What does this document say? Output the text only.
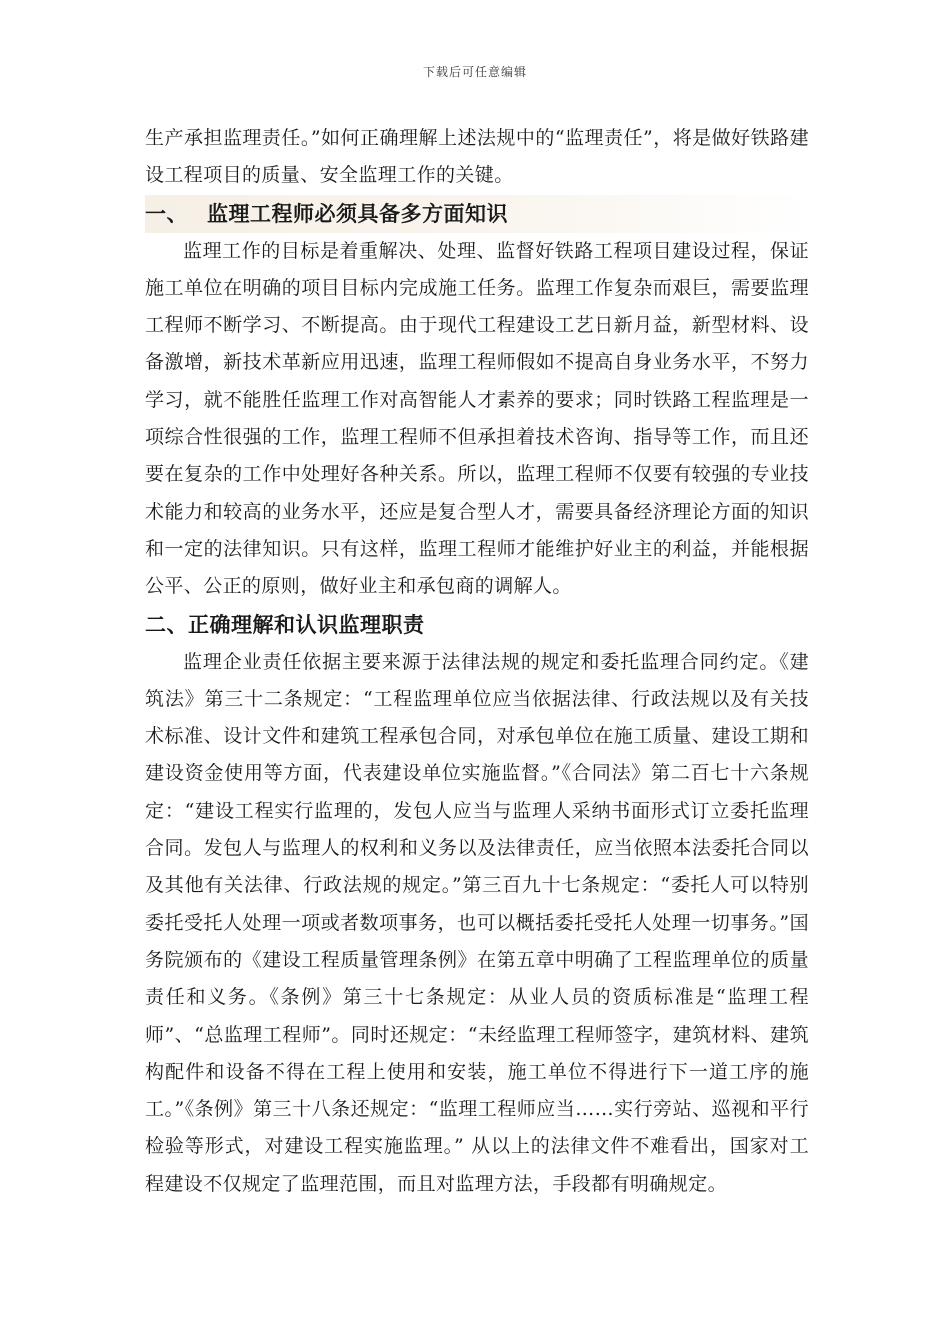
下载后可任意编辑

生产承担监理责任。”如何正确理解上述法规中的“监理责任”，将是做好铁路建设工程项目的质量、安全监理工作的关键。

一、 监理工程师必须具备多方面知识

监理工作的目标是着重解决、处理、监督好铁路工程项目建设过程，保证施工单位在明确的项目目标内完成施工任务。监理工作复杂而艰巨，需要监理工程师不断学习、不断提高。由于现代工程建设工艺日新月益，新型材料、设备激增，新技术革新应用迅速，监理工程师假如不提高自身业务水平，不努力学习，就不能胜任监理工作对高智能人才素养的要求；同时铁路工程监理是一项综合性很强的工作，监理工程师不但承担着技术咨询、指导等工作，而且还要在复杂的工作中处理好各种关系。所以，监理工程师不仅要有较强的专业技术能力和较高的业务水平，还应是复合型人才，需要具备经济理论方面的知识和一定的法律知识。只有这样，监理工程师才能维护好业主的利益，并能根据公平、公正的原则，做好业主和承包商的调解人。

二、正确理解和认识监理职责

监理企业责任依据主要来源于法律法规的规定和委托监理合同约定。《建筑法》第三十二条规定：“工程监理单位应当依据法律、行政法规以及有关技术标准、设计文件和建筑工程承包合同，对承包单位在施工质量、建设工期和建设资金使用等方面，代表建设单位实施监督。”《合同法》第二百七十六条规定：“建设工程实行监理的，发包人应当与监理人采纳书面形式订立委托监理合同。发包人与监理人的权利和义务以及法律责任，应当依照本法委托合同以及其他有关法律、行政法规的规定。”第三百九十七条规定：“委托人可以特别委托受托人处理一项或者数项事务，也可以概括委托受托人处理一切事务。”国务院颁布的《建设工程质量管理条例》在第五章中明确了工程监理单位的质量责任和义务。《条例》第三十七条规定：从业人员的资质标准是“监理工程师”、“总监理工程师”。同时还规定：“未经监理工程师签字，建筑材料、建筑构配件和设备不得在工程上使用和安装，施工单位不得进行下一道工序的施工。”《条例》第三十八条还规定：“监理工程师应当……实行旁站、巡视和平行检验等形式，对建设工程实施监理。” 从以上的法律文件不难看出，国家对工程建设不仅规定了监理范围，而且对监理方法，手段都有明确规定。
